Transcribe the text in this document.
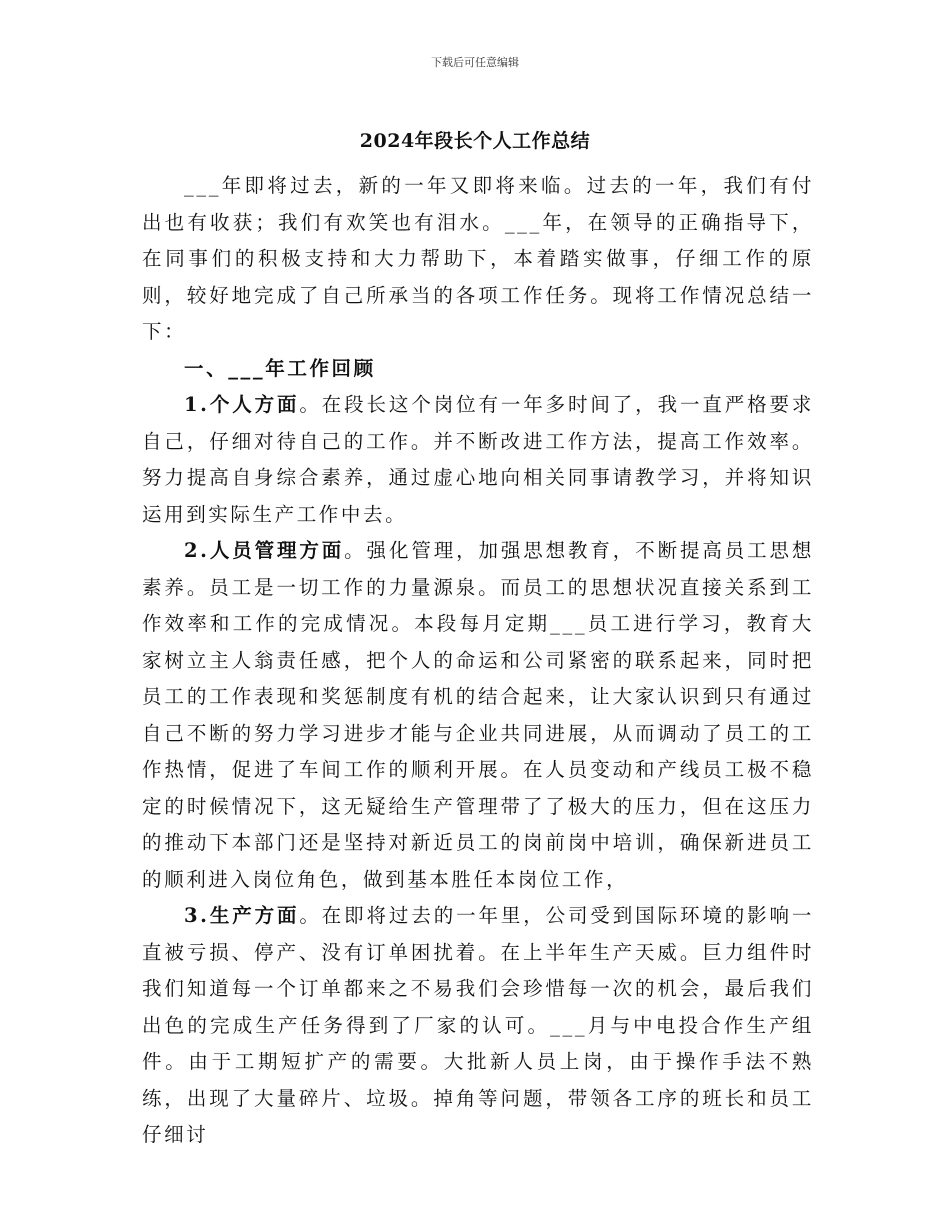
下载后可任意编辑
2024年段长个人工作总结

___年即将过去，新的一年又即将来临。过去的一年，我们有付出也有收获；我们有欢笑也有泪水。___年，在领导的正确指导下，在同事们的积极支持和大力帮助下，本着踏实做事，仔细工作的原则，较好地完成了自己所承当的各项工作任务。现将工作情况总结一下：

一、___年工作回顾

1.个人方面。在段长这个岗位有一年多时间了，我一直严格要求自己，仔细对待自己的工作。并不断改进工作方法，提高工作效率。努力提高自身综合素养，通过虚心地向相关同事请教学习，并将知识运用到实际生产工作中去。

2.人员管理方面。强化管理，加强思想教育，不断提高员工思想素养。员工是一切工作的力量源泉。而员工的思想状况直接关系到工作效率和工作的完成情况。本段每月定期___员工进行学习，教育大家树立主人翁责任感，把个人的命运和公司紧密的联系起来，同时把员工的工作表现和奖惩制度有机的结合起来，让大家认识到只有通过自己不断的努力学习进步才能与企业共同进展，从而调动了员工的工作热情，促进了车间工作的顺利开展。在人员变动和产线员工极不稳定的时候情况下，这无疑给生产管理带了了极大的压力，但在这压力的推动下本部门还是坚持对新近员工的岗前岗中培训，确保新进员工的顺利进入岗位角色，做到基本胜任本岗位工作，

3.生产方面。在即将过去的一年里，公司受到国际环境的影响一直被亏损、停产、没有订单困扰着。在上半年生产天威。巨力组件时我们知道每一个订单都来之不易我们会珍惜每一次的机会，最后我们出色的完成生产任务得到了厂家的认可。___月与中电投合作生产组件。由于工期短扩产的需要。大批新人员上岗，由于操作手法不熟练，出现了大量碎片、垃圾。掉角等问题，带领各工序的班长和员工仔细讨
